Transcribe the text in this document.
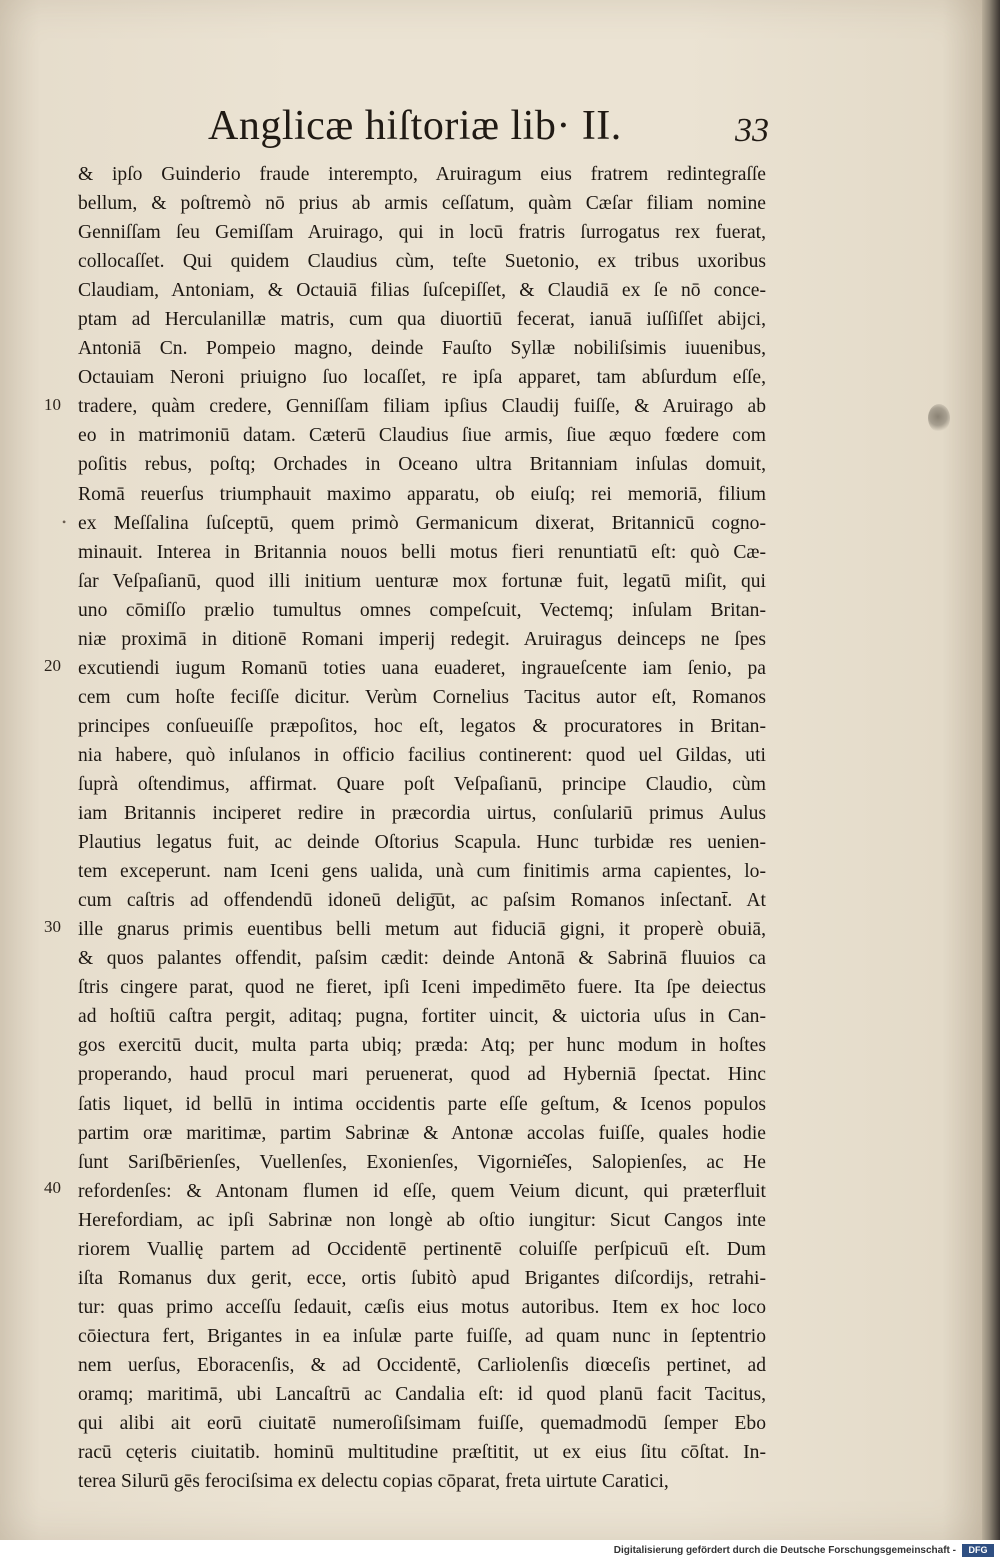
Anglicæ hiſtoriæ lib· II.	33
10
20
30
40
•
& ipſo Guinderio fraude interempto, Aruiragum eius fratrem redintegraſſe
bellum, & poſtremò nō prius ab armis ceſſatum, quàm Cæſar filiam nomine
Genniſſam ſeu Gemiſſam Aruirago, qui in locū fratris ſurrogatus rex fuerat,
collocaſſet. Qui quidem Claudius cùm, teſte Suetonio, ex tribus uxoribus
Claudiam, Antoniam, & Octauiā filias ſuſcepiſſet, & Claudiā ex ſe nō conce-
ptam ad Herculanillæ matris, cum qua diuortiū fecerat, ianuā iuſſiſſet abijci,
Antoniā Cn. Pompeio magno, deinde Fauſto Syllæ nobiliſsimis iuuenibus,
Octauiam Neroni priuigno ſuo locaſſet, re ipſa apparet, tam abſurdum eſſe,
tradere, quàm credere, Genniſſam filiam ipſius Claudij fuiſſe, & Aruirago ab
eo in matrimoniū datam. Cæterū Claudius ſiue armis, ſiue æquo fœdere com
poſitis rebus, poſtq; Orchades in Oceano ultra Britanniam inſulas domuit,
Romā reuerſus triumphauit maximo apparatu, ob eiuſq; rei memoriā, filium
ex Meſſalina ſuſceptū, quem primò Germanicum dixerat, Britannicū cogno-
minauit. Interea in Britannia nouos belli motus fieri renuntiatū eſt: quò Cæ-
ſar Veſpaſianū, quod illi initium uenturæ mox fortunæ fuit, legatū miſit, qui
uno cōmiſſo prælio tumultus omnes compeſcuit, Vectemq; inſulam Britan-
niæ proximā in ditionē Romani imperij redegit. Aruiragus deinceps ne ſpes
excutiendi iugum Romanū toties uana euaderet, ingraueſcente iam ſenio, pa
cem cum hoſte feciſſe dicitur. Verùm Cornelius Tacitus autor eſt, Romanos
principes conſueuiſſe præpoſitos, hoc eſt, legatos & procuratores in Britan-
nia habere, quò inſulanos in officio facilius continerent: quod uel Gildas, uti
ſuprà oſtendimus, affirmat. Quare poſt Veſpaſianū, principe Claudio, cùm
iam Britannis inciperet redire in præcordia uirtus, conſulariū primus Aulus
Plautius legatus fuit, ac deinde Oſtorius Scapula. Hunc turbidæ res uenien-
tem exceperunt. nam Iceni gens ualida, unà cum finitimis arma capientes, lo-
cum caſtris ad offendendū idoneū delig͞ut, ac paſsim Romanos inſectant̄. At
ille gnarus primis euentibus belli metum aut fiduciā gigni, it properè obuiā,
& quos palantes offendit, paſsim cædit: deinde Antonā & Sabrinā fluuios ca
ſtris cingere parat, quod ne fieret, ipſi Iceni impedimēto fuere. Ita ſpe deiectus
ad hoſtiū caſtra pergit, aditaq; pugna, fortiter uincit, & uictoria uſus in Can-
gos exercitū ducit, multa parta ubiq; præda: Atq; per hunc modum in hoſtes
properando, haud procul mari peruenerat, quod ad Hyberniā ſpectat. Hinc
ſatis liquet, id bellū in intima occidentis parte eſſe geſtum, & Icenos populos
partim oræ maritimæ, partim Sabrinæ & Antonæ accolas fuiſſe, quales hodie
ſunt Sariſbērienſes, Vuellenſes, Exonienſes, Vigornie͂ſes, Salopienſes, ac He
refordenſes: & Antonam flumen id eſſe, quem Veium dicunt, qui præterfluit
Herefordiam, ac ipſi Sabrinæ non longè ab oſtio iungitur: Sicut Cangos inte
riorem Vuallię partem ad Occidentē pertinentē coluiſſe perſpicuū eſt. Dum
iſta Romanus dux gerit, ecce, ortis ſubitò apud Brigantes diſcordijs, retrahi-
tur: quas primo acceſſu ſedauit, cæſis eius motus autoribus. Item ex hoc loco
cōiectura fert, Brigantes in ea inſulæ parte fuiſſe, ad quam nunc in ſeptentrio
nem uerſus, Eboracenſis, & ad Occidentē, Carliolenſis diœceſis pertinet, ad
oramq; maritimā, ubi Lancaſtrū ac Candalia eſt: id quod planū facit Tacitus,
qui alibi ait eorū ciuitatē numeroſiſsimam fuiſſe, quemadmodū ſemper Ebo
racū cęteris ciuitatib. hominū multitudine præſtitit, ut ex eius ſitu cōſtat. In-
terea Silurū gēs ferociſsima ex delectu copias cōparat, freta uirtute Caratici,
Digitalisierung gefördert durch die Deutsche Forschungsgemeinschaft -	DFG
